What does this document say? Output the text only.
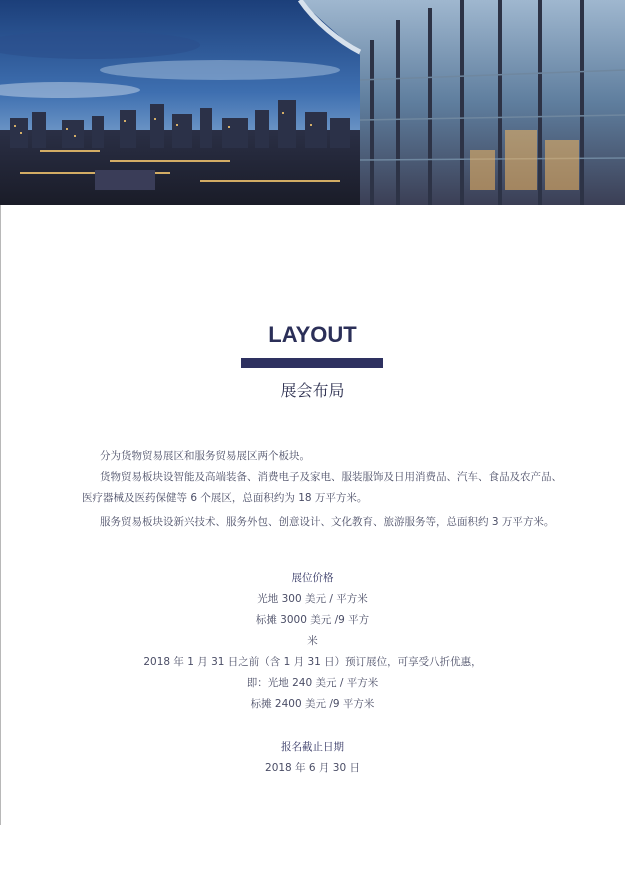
LAYOUT
展会布局
分为货物贸易展区和服务贸易展区两个板块。
货物贸易板块设智能及高端装备、消费电子及家电、服装服饰及日用消费品、汽车、食品及农产品、
医疗器械及医药保健等 6 个展区，总面积约为 18 万平方米。
服务贸易板块设新兴技术、服务外包、创意设计、文化教育、旅游服务等，总面积约 3 万平方米。
展位价格
光地 300 美元 / 平方米
标摊 3000 美元 /9 平方
米
2018 年 1 月 31 日之前（含 1 月 31 日）预订展位，可享受八折优惠，
即：光地 240 美元 / 平方米
标摊 2400 美元 /9 平方米
报名截止日期
2018 年 6 月 30 日
